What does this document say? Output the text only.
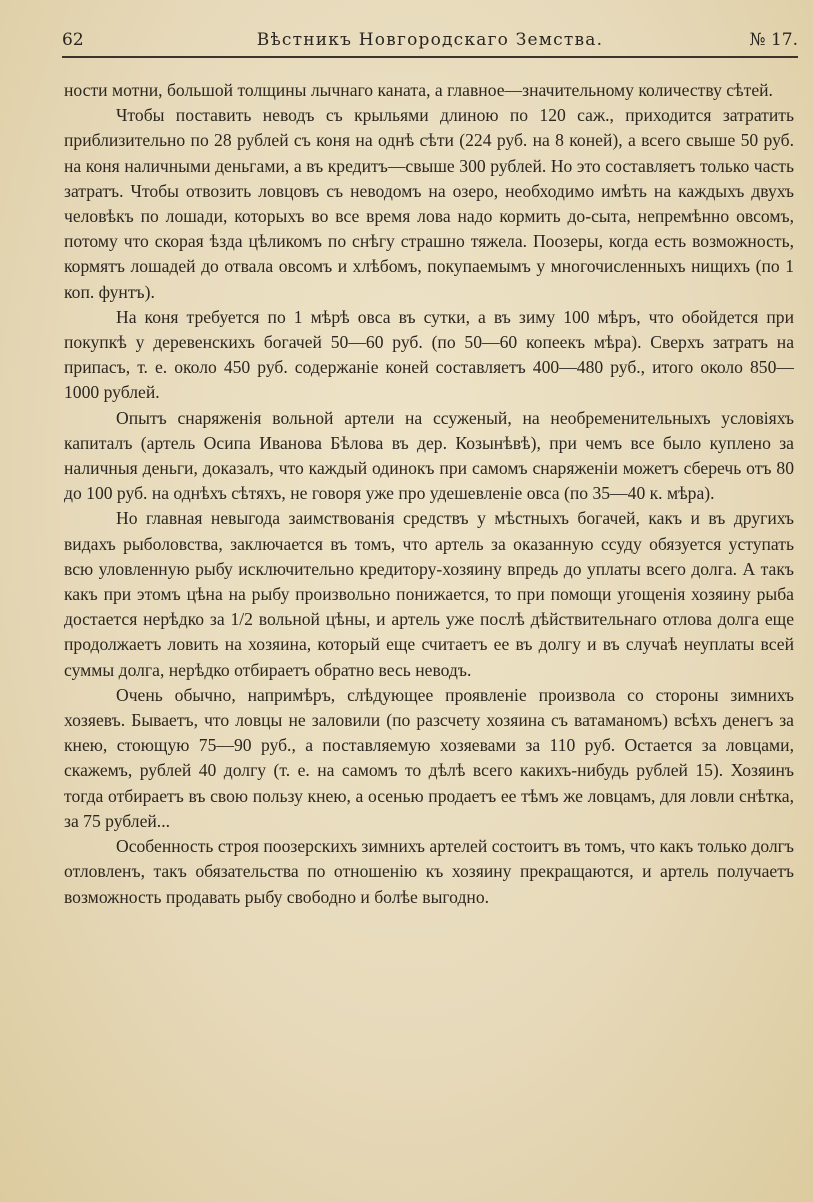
62	Вѣстникъ Новгородскаго Земства.	№ 17.

ности мотни, большой толщины лычнаго каната, а главное—значительному количеству сѣтей.

Чтобы поставить неводъ съ крыльями длиною по 120 саж., приходится затратить приблизительно по 28 рублей съ коня на однѣ сѣти (224 руб. на 8 коней), а всего свыше 50 руб. на коня наличными деньгами, а въ кредитъ—свыше 300 рублей. Но это составляетъ только часть затратъ. Чтобы отвозить ловцовъ съ неводомъ на озеро, необходимо имѣть на каждыхъ двухъ человѣкъ по лошади, которыхъ во все время лова надо кормить до-сыта, непремѣнно овсомъ, потому что скорая ѣзда цѣликомъ по снѣгу страшно тяжела. Поозеры, когда есть возможность, кормятъ лошадей до отвала овсомъ и хлѣбомъ, покупаемымъ у многочисленныхъ нищихъ (по 1 коп. фунтъ).

На коня требуется по 1 мѣрѣ овса въ сутки, а въ зиму 100 мѣръ, что обойдется при покупкѣ у деревенскихъ богачей 50—60 руб. (по 50—60 копеекъ мѣра). Сверхъ затратъ на припасъ, т. е. около 450 руб. содержаніе коней составляетъ 400—480 руб., итого около 850—1000 рублей.

Опытъ снаряженія вольной артели на ссуженый, на необременительныхъ условіяхъ капиталъ (артель Осипа Иванова Бѣлова въ дер. Козынѣвѣ), при чемъ все было куплено за наличныя деньги, доказалъ, что каждый одинокъ при самомъ снаряженіи можетъ сберечь отъ 80 до 100 руб. на однѣхъ сѣтяхъ, не говоря уже про удешевленіе овса (по 35—40 к. мѣра).

Но главная невыгода заимствованія средствъ у мѣстныхъ богачей, какъ и въ другихъ видахъ рыболовства, заключается въ томъ, что артель за оказанную ссуду обязуется уступать всю уловленную рыбу исключительно кредитору-хозяину впредь до уплаты всего долга. А такъ какъ при этомъ цѣна на рыбу произвольно понижается, то при помощи угощенія хозяину рыба достается нерѣдко за 1/2 вольной цѣны, и артель уже послѣ дѣйствительнаго отлова долга еще продолжаетъ ловить на хозяина, который еще считаетъ ее въ долгу и въ случаѣ неуплаты всей суммы долга, нерѣдко отбираетъ обратно весь неводъ.

Очень обычно, напримѣръ, слѣдующее проявленіе произвола со стороны зимнихъ хозяевъ. Бываетъ, что ловцы не заловили (по разсчету хозяина съ ватаманомъ) всѣхъ денегъ за кнею, стоющую 75—90 руб., а поставляемую хозяевами за 110 руб. Остается за ловцами, скажемъ, рублей 40 долгу (т. е. на самомъ то дѣлѣ всего какихъ-нибудь рублей 15). Хозяинъ тогда отбираетъ въ свою пользу кнею, а осенью продаетъ ее тѣмъ же ловцамъ, для ловли снѣтка, за 75 рублей...

Особенность строя поозерскихъ зимнихъ артелей состоитъ въ томъ, что какъ только долгъ отловленъ, такъ обязательства по отношенію къ хозяину прекращаются, и артель получаетъ возможность продавать рыбу свободно и болѣе выгодно.
